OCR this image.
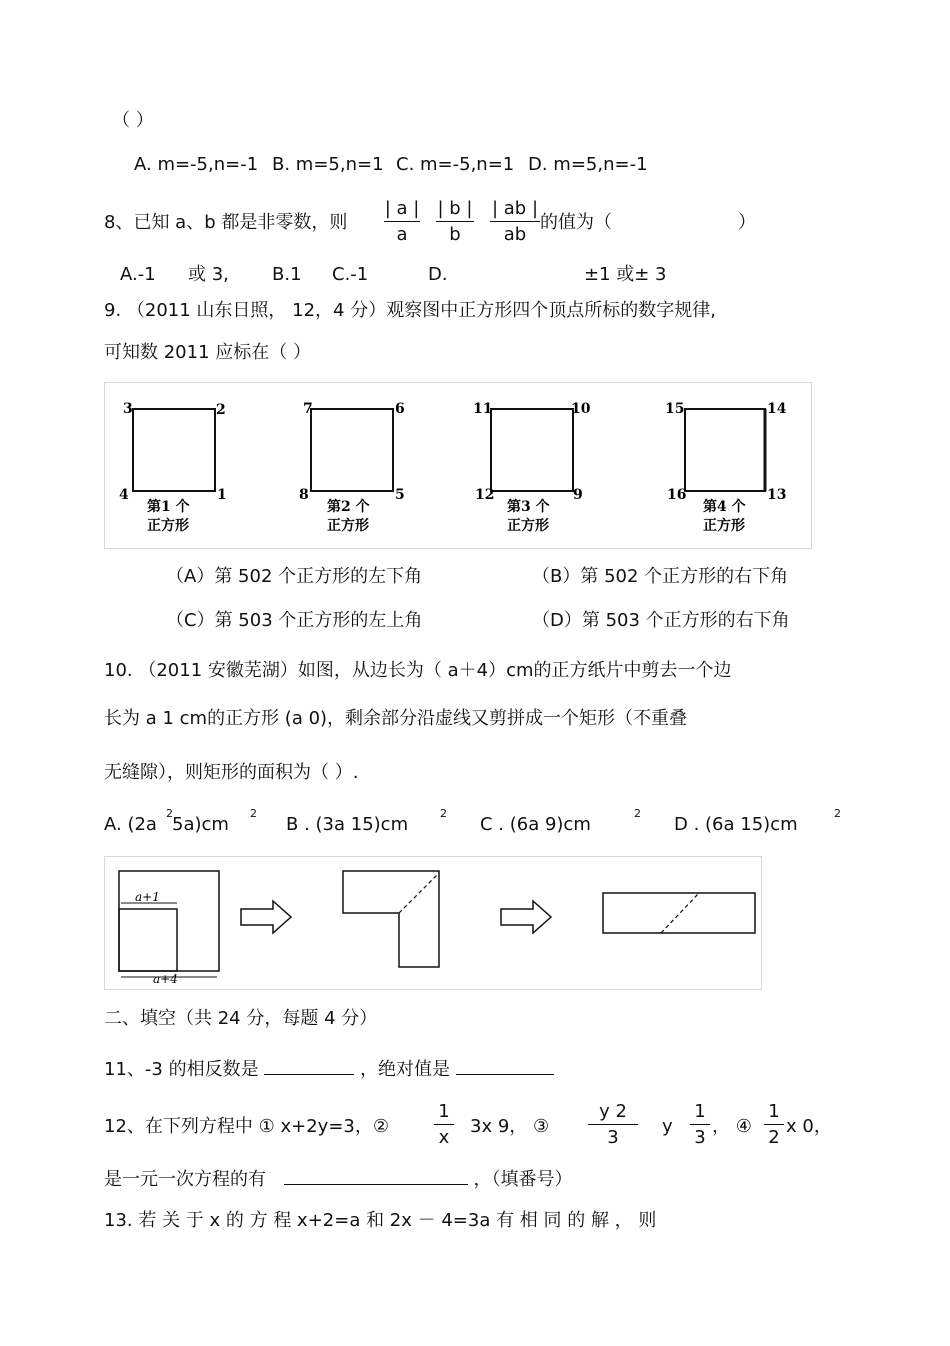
（ ）
A. m=-5,n=-1 B. m=5,n=1 C. m=-5,n=1 D. m=5,n=-1
8、已知 a、b 都是非零数，则
| a |
a
| b |
b
| ab |
ab
的值为（	）
A.-1 或 3, B.1 C.-1	D.	±1 或± 3
9. （2011 山东日照， 12，4 分）观察图中正方形四个顶点所标的数字规律,
可知数 2011 应标在（ ）
3	2
4	1
第1 个
正方形
7	6
8	5
第2 个
正方形
11	10
12	9
第3 个
正方形
15	14
16	13
第4 个
正方形
（A）第 502 个正方形的左下角	（B）第 502 个正方形的右下角
（C）第 503 个正方形的左上角	（D）第 503 个正方形的右下角
10. （2011 安徽芜湖）如图，从边长为（ a＋4）cm的正方纸片中剪去一个边
长为 a 1 cm的正方形 (a 0)，剩余部分沿虚线又剪拼成一个矩形（不重叠
无缝隙），则矩形的面积为（ ）.
A. (2a
2
5a)cm
2
B . (3a 15)cm
2
C . (6a 9)cm
2
D . (6a 15)cm
2
a+1
a+4
二、填空（共 24 分，每题 4 分）
11、-3 的相反数是	，绝对值是
12、在下列方程中 ① x+2y=3，②
1
x
3x 9， ③
y 2
3
y
1
3
， ④
1
2
x 0，
是一元一次方程的有	，（填番号）
13. 若 关 于 x 的 方 程 x+2=a 和 2x － 4=3a 有 相 同 的 解 ， 则
